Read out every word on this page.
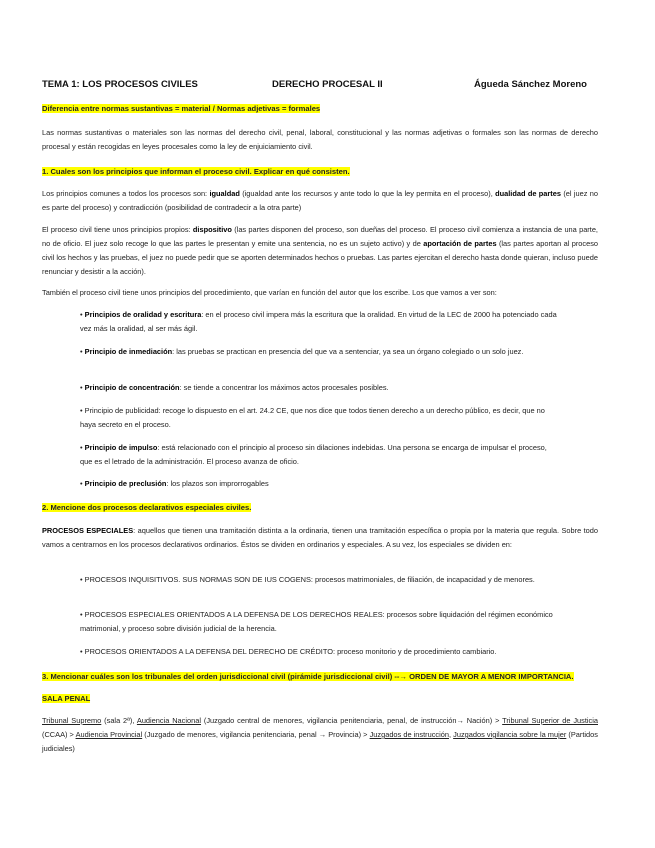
TEMA 1: LOS PROCESOS CIVILES	DERECHO PROCESAL II	Águeda Sánchez Moreno
Diferencia entre normas sustantivas = material / Normas adjetivas = formales
Las normas sustantivas o materiales son las normas del derecho civil, penal, laboral, constitucional y las normas adjetivas o formales son las normas de derecho procesal y están recogidas en leyes procesales como la ley de enjuiciamiento civil.
1. Cuales son los principios que informan el proceso civil. Explicar en qué consisten.
Los principios comunes a todos los procesos son: igualdad (igualdad ante los recursos y ante todo lo que la ley permita en el proceso), dualidad de partes (el juez no es parte del proceso) y contradicción (posibilidad de contradecir a la otra parte)
El proceso civil tiene unos principios propios: dispositivo (las partes disponen del proceso, son dueñas del proceso. El proceso civil comienza a instancia de una parte, no de oficio. El juez solo recoge lo que las partes le presentan y emite una sentencia, no es un sujeto activo) y de aportación de partes (las partes aportan al proceso civil los hechos y las pruebas, el juez no puede pedir que se aporten determinados hechos o pruebas. Las partes ejercitan el derecho hasta donde quieran, incluso puede renunciar y desistir a la acción).
También el proceso civil tiene unos principios del procedimiento, que varían en función del autor que los escribe. Los que vamos a ver son:
• Principios de oralidad y escritura: en el proceso civil impera más la escritura que la oralidad. En virtud de la LEC de 2000 ha potenciado cada vez más la oralidad, al ser más ágil.
• Principio de inmediación: las pruebas se practican en presencia del que va a sentenciar, ya sea un órgano colegiado o un solo juez.
• Principio de concentración: se tiende a concentrar los máximos actos procesales posibles.
• Principio de publicidad: recoge lo dispuesto en el art. 24.2 CE, que nos dice que todos tienen derecho a un derecho público, es decir, que no haya secreto en el proceso.
• Principio de impulso: está relacionado con el principio al proceso sin dilaciones indebidas. Una persona se encarga de impulsar el proceso, que es el letrado de la administración. El proceso avanza de oficio.
• Principio de preclusión: los plazos son improrrogables
2. Mencione dos procesos declarativos especiales civiles.
PROCESOS ESPECIALES: aquellos que tienen una tramitación distinta a la ordinaria, tienen una tramitación específica o propia por la materia que regula. Sobre todo vamos a centrarnos en los procesos declarativos ordinarios. Éstos se dividen en ordinarios y especiales. A su vez, los especiales se dividen en:
• PROCESOS INQUISITIVOS. SUS NORMAS SON DE IUS COGENS: procesos matrimoniales, de filiación, de incapacidad y de menores.
• PROCESOS ESPECIALES ORIENTADOS A LA DEFENSA DE LOS DERECHOS REALES: procesos sobre liquidación del régimen económico matrimonial, y proceso sobre división judicial de la herencia.
• PROCESOS ORIENTADOS A LA DEFENSA DEL DERECHO DE CRÉDITO: proceso monitorio y de procedimiento cambiario.
3. Mencionar cuáles son los tribunales del orden jurisdiccional civil (pirámide jurisdiccional civil) --→ ORDEN DE MAYOR A MENOR IMPORTANCIA.
SALA PENAL
Tribunal Supremo (sala 2ª), Audiencia Nacional (Juzgado central de menores, vigilancia penitenciaria, penal, de instrucción→ Nación) > Tribunal Superior de Justicia (CCAA) > Audiencia Provincial (Juzgado de menores, vigilancia penitenciaria, penal → Provincia) > Juzgados de instrucción, Juzgados vigilancia sobre la mujer (Partidos judiciales)
